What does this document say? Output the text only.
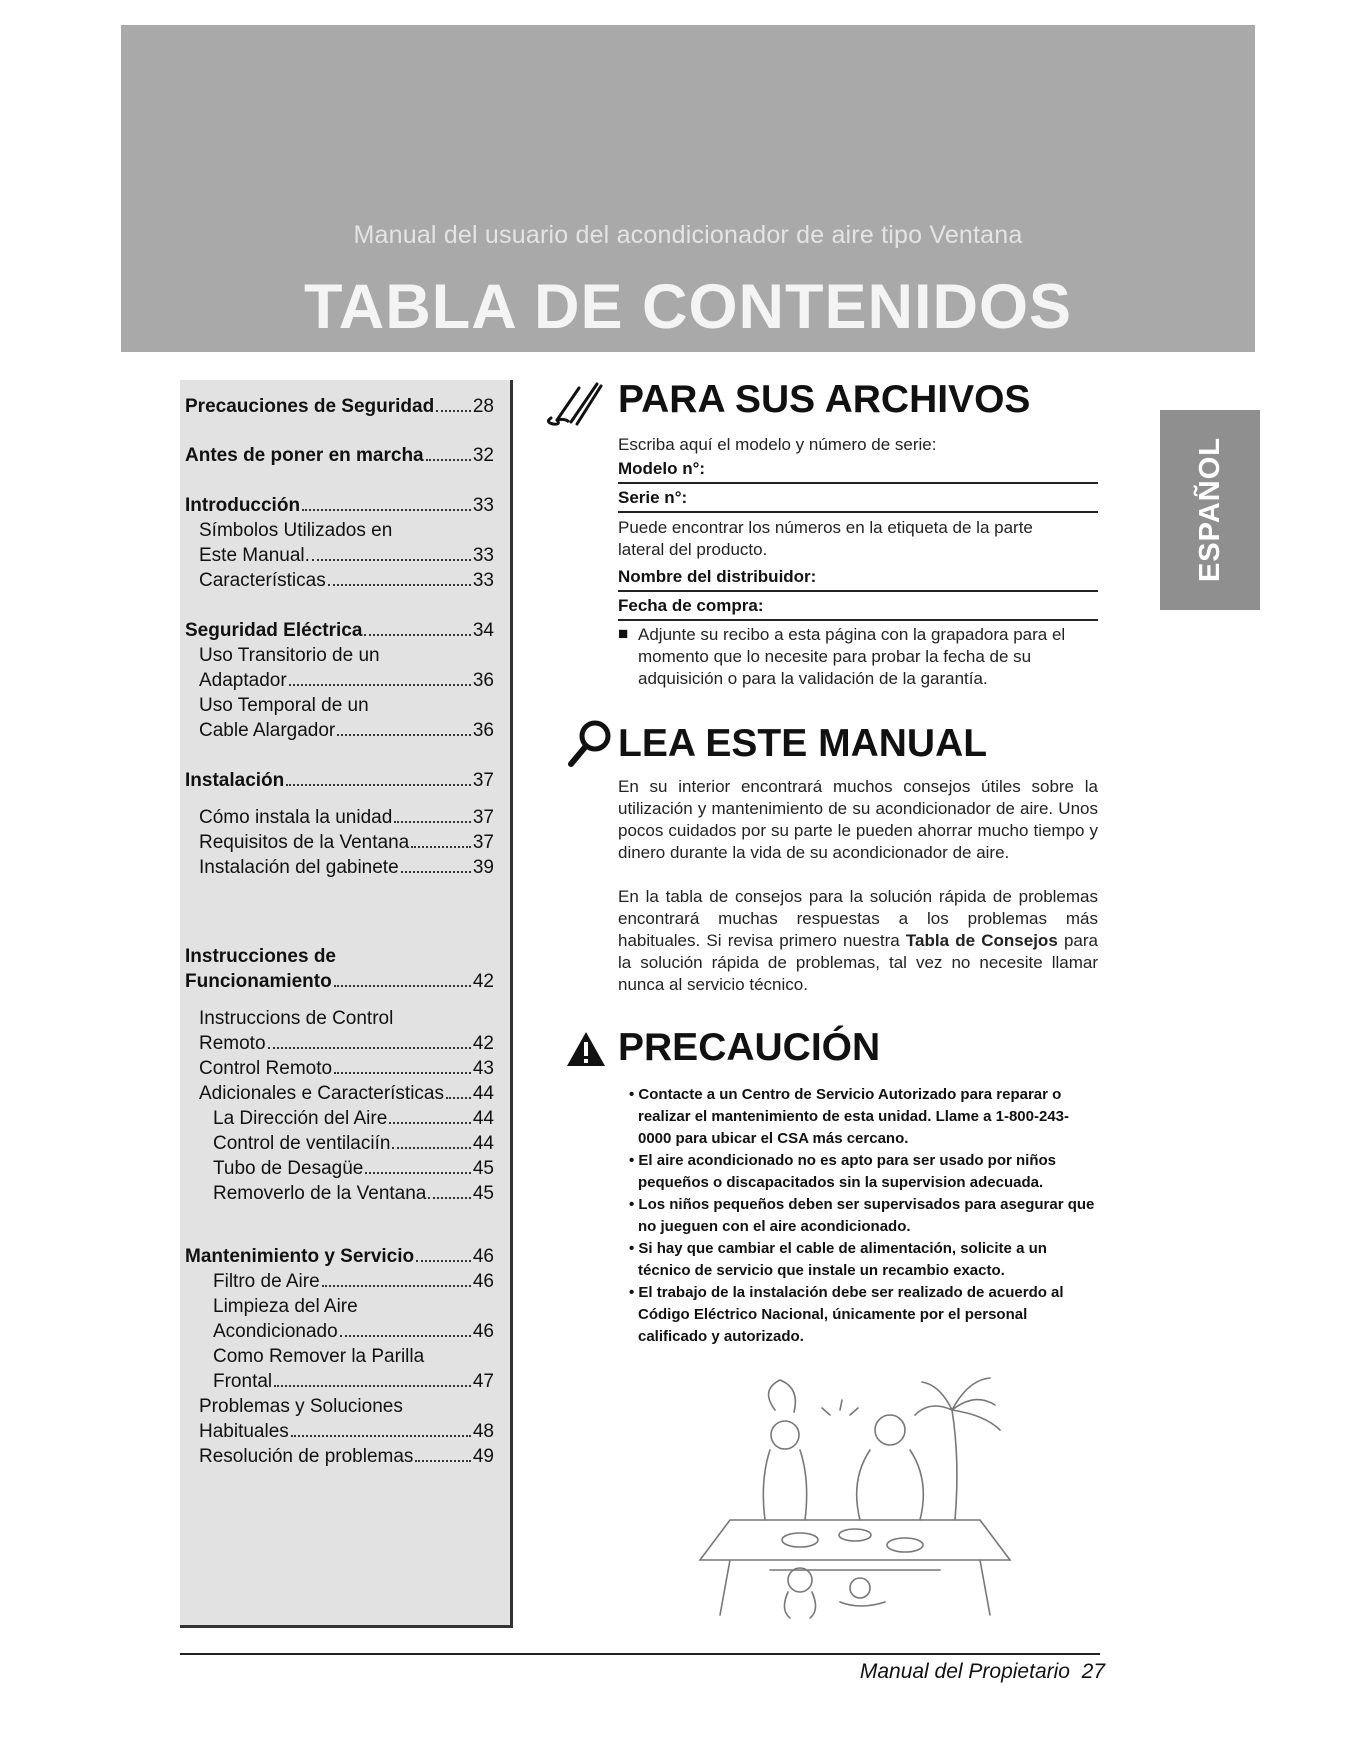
Manual del usuario del acondicionador de aire tipo Ventana
TABLA DE CONTENIDOS
ESPAÑOL
Precauciones de Seguridad 28
Antes de poner en marcha	32
Introducción	33
Símbolos Utilizados en
Este Manual.	33
Características	33
Seguridad Eléctrica	34
Uso Transitorio de un
Adaptador	36
Uso Temporal de un
Cable Alargador	36
Instalación	37
Cómo instala la unidad	37
Requisitos de la Ventana	37
Instalación del gabinete	39
Instrucciones de
Funcionamiento	42
Instruccions de Control
Remoto	42
Control Remoto	43
Adicionales e Características 44
La Dirección del Aire	44
Control de ventilaciín	44
Tubo de Desagüe	45
Removerlo de la Ventana 45
Mantenimiento y Servicio	46
Filtro de Aire	46
Limpieza del Aire
Acondicionado	46
Como Remover la Parilla
Frontal	47
Problemas y Soluciones
Habituales	48
Resolución de problemas	49
PARA SUS ARCHIVOS
Escriba aquí el modelo y número de serie:
Modelo n°:
Serie n°:
Puede encontrar los números en la etiqueta de la parte lateral del producto.
Nombre del distribuidor:
Fecha de compra:
■ Adjunte su recibo a esta página con la grapadora para el momento que lo necesite para probar la fecha de su adquisición o para la validación de la garantía.
LEA ESTE MANUAL
En su interior encontrará muchos consejos útiles sobre la utilización y mantenimiento de su acondicionador de aire. Unos pocos cuidados por su parte le pueden ahorrar mucho tiempo y dinero durante la vida de su acondicionador de aire.
En la tabla de consejos para la solución rápida de problemas encontrará muchas respuestas a los problemas más habituales. Si revisa primero nuestra Tabla de Consejos para la solución rápida de problemas, tal vez no necesite llamar nunca al servicio técnico.
PRECAUCIÓN
• Contacte a un Centro de Servicio Autorizado para reparar o realizar el mantenimiento de esta unidad. Llame a 1-800-243-0000 para ubicar el CSA más cercano.
• El aire acondicionado no es apto para ser usado por niños pequeños o discapacitados sin la supervision adecuada.
• Los niños pequeños deben ser supervisados para asegurar que no jueguen con el aire acondicionado.
• Si hay que cambiar el cable de alimentación, solicite a un técnico de servicio que instale un recambio exacto.
• El trabajo de la instalación debe ser realizado de acuerdo al Código Eléctrico Nacional, únicamente por el personal calificado y autorizado.
Manual del Propietario 27
